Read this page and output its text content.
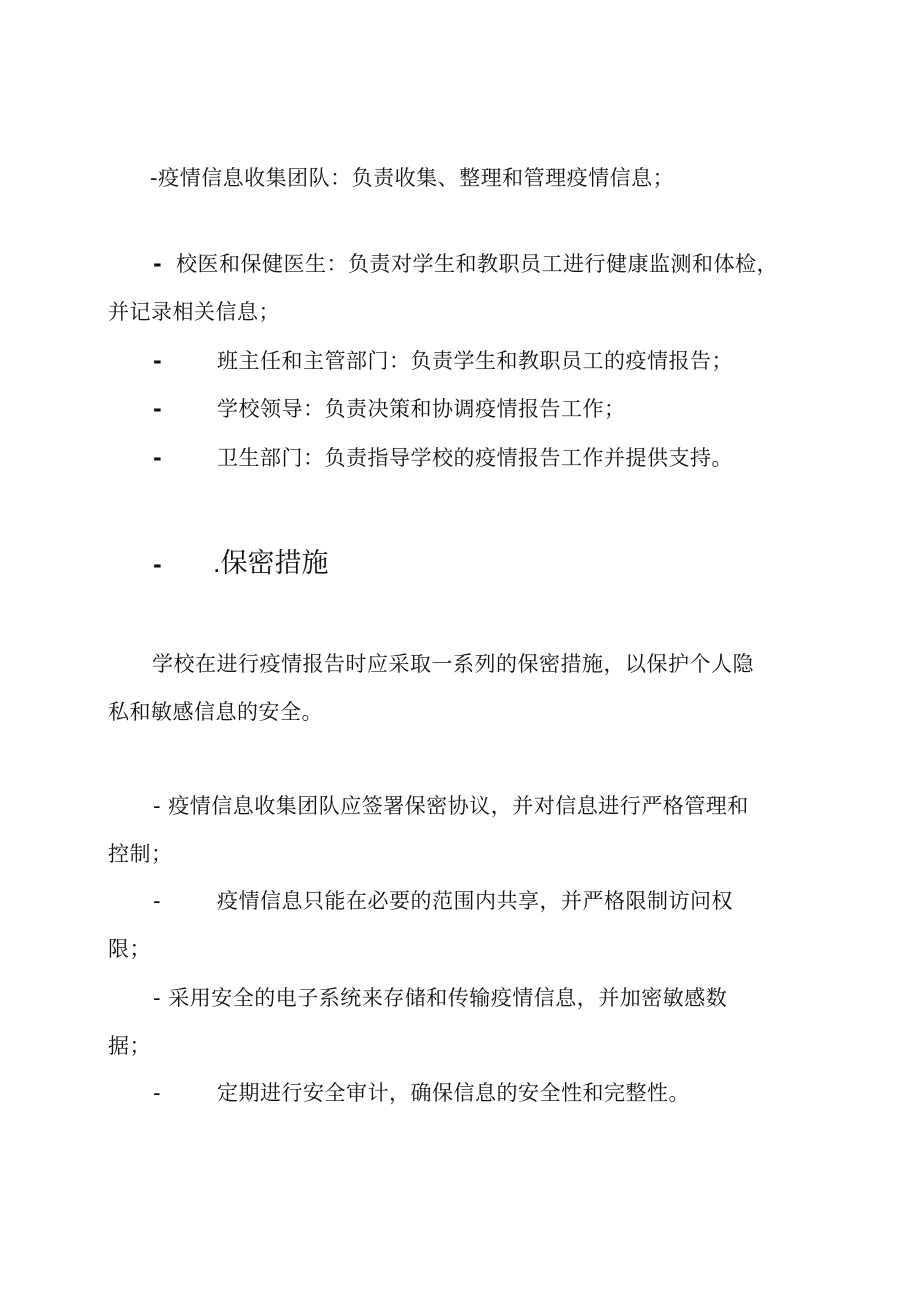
-疫情信息收集团队：负责收集、整理和管理疫情信息；
- 校医和保健医生：负责对学生和教职员工进行健康监测和体检，
并记录相关信息；
-	班主任和主管部门：负责学生和教职员工的疫情报告；
-	学校领导：负责决策和协调疫情报告工作；
-	卫生部门：负责指导学校的疫情报告工作并提供支持。
- .保密措施
学校在进行疫情报告时应采取一系列的保密措施，以保护个人隐
私和敏感信息的安全。
- 疫情信息收集团队应签署保密协议，并对信息进行严格管理和
控制；
-	疫情信息只能在必要的范围内共享，并严格限制访问权
限；
- 采用安全的电子系统来存储和传输疫情信息，并加密敏感数
据；
-	定期进行安全审计，确保信息的安全性和完整性。
